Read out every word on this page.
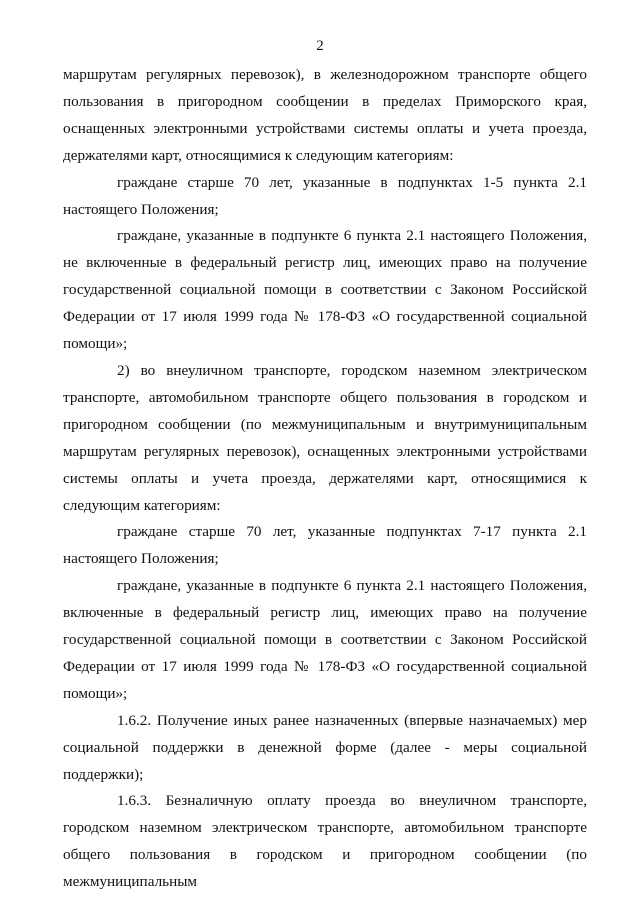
2

маршрутам регулярных перевозок), в железнодорожном транспорте общего пользования в пригородном сообщении в пределах Приморского края, оснащенных электронными устройствами системы оплаты и учета проезда, держателями карт, относящимися к следующим категориям:

граждане старше 70 лет, указанные в подпунктах 1-5 пункта 2.1 настоящего Положения;

граждане, указанные в подпункте 6 пункта 2.1 настоящего Положения, не включенные в федеральный регистр лиц, имеющих право на получение государственной социальной помощи в соответствии с Законом Российской Федерации от 17 июля 1999 года № 178-ФЗ «О государственной социальной помощи»;

2) во внеуличном транспорте, городском наземном электрическом транспорте, автомобильном транспорте общего пользования в городском и пригородном сообщении (по межмуниципальным и внутримуниципальным маршрутам регулярных перевозок), оснащенных электронными устройствами системы оплаты и учета проезда, держателями карт, относящимися к следующим категориям:

граждане старше 70 лет, указанные подпунктах 7-17 пункта 2.1 настоящего Положения;

граждане, указанные в подпункте 6 пункта 2.1 настоящего Положения, включенные в федеральный регистр лиц, имеющих право на получение государственной социальной помощи в соответствии с Законом Российской Федерации от 17 июля 1999 года № 178-ФЗ «О государственной социальной помощи»;

1.6.2. Получение иных ранее назначенных (впервые назначаемых) мер социальной поддержки в денежной форме (далее - меры социальной поддержки);

1.6.3. Безналичную оплату проезда во внеуличном транспорте, городском наземном электрическом транспорте, автомобильном транспорте общего пользования в городском и пригородном сообщении (по межмуниципальным
